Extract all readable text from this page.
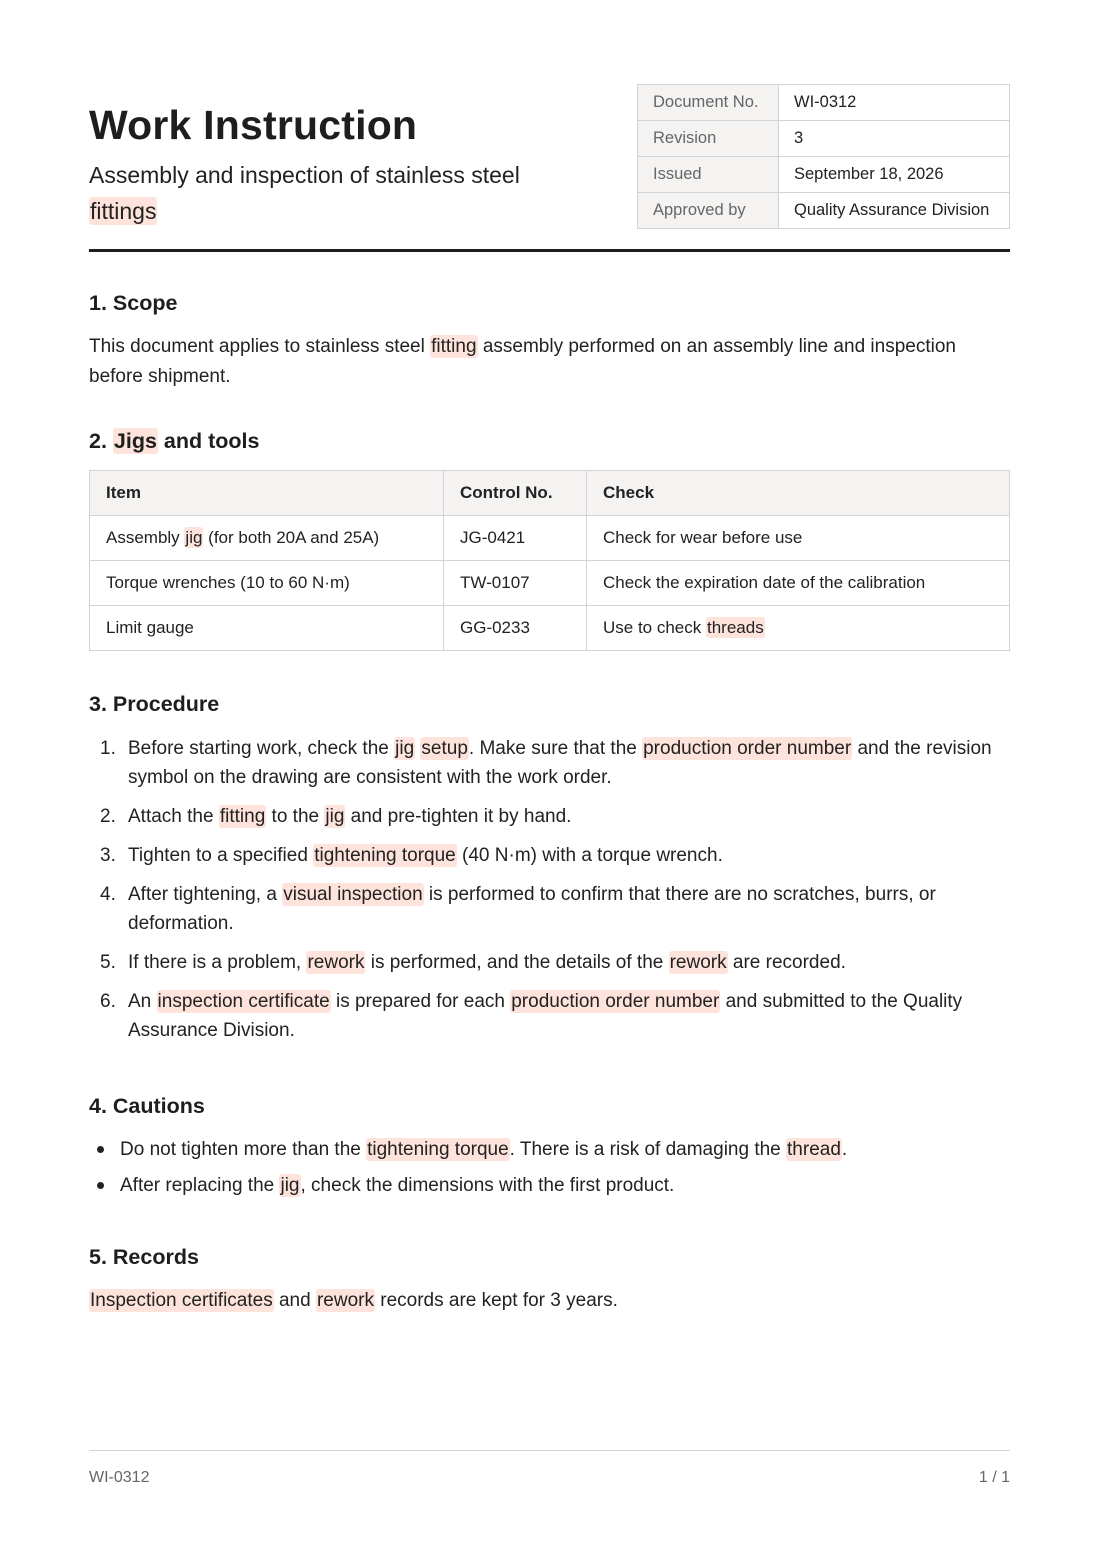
Work Instruction
Assembly and inspection of stainless steel fittings
Document No.	WI-0312
Revision	3
Issued	September 18, 2026
Approved by	Quality Assurance Division
1. Scope

This document applies to stainless steel fitting assembly performed on an assembly line and inspection before shipment.

2. Jigs and tools
Item	Control No.	Check
Assembly jig (for both 20A and 25A)	JG-0421	Check for wear before use
Torque wrenches (10 to 60 N·m)	TW-0107	Check the expiration date of the calibration
Limit gauge	GG-0233	Use to check threads
3. Procedure
1. Before starting work, check the jig setup. Make sure that the production order number and the revision symbol on the drawing are consistent with the work order.
2. Attach the fitting to the jig and pre-tighten it by hand.
3. Tighten to a specified tightening torque (40 N·m) with a torque wrench.
4. After tightening, a visual inspection is performed to confirm that there are no scratches, burrs, or deformation.
5. If there is a problem, rework is performed, and the details of the rework are recorded.
6. An inspection certificate is prepared for each production order number and submitted to the Quality Assurance Division.
4. Cautions
Do not tighten more than the tightening torque. There is a risk of damaging the thread.
After replacing the jig, check the dimensions with the first product.
5. Records

Inspection certificates and rework records are kept for 3 years.

WI-0312	1 / 1
